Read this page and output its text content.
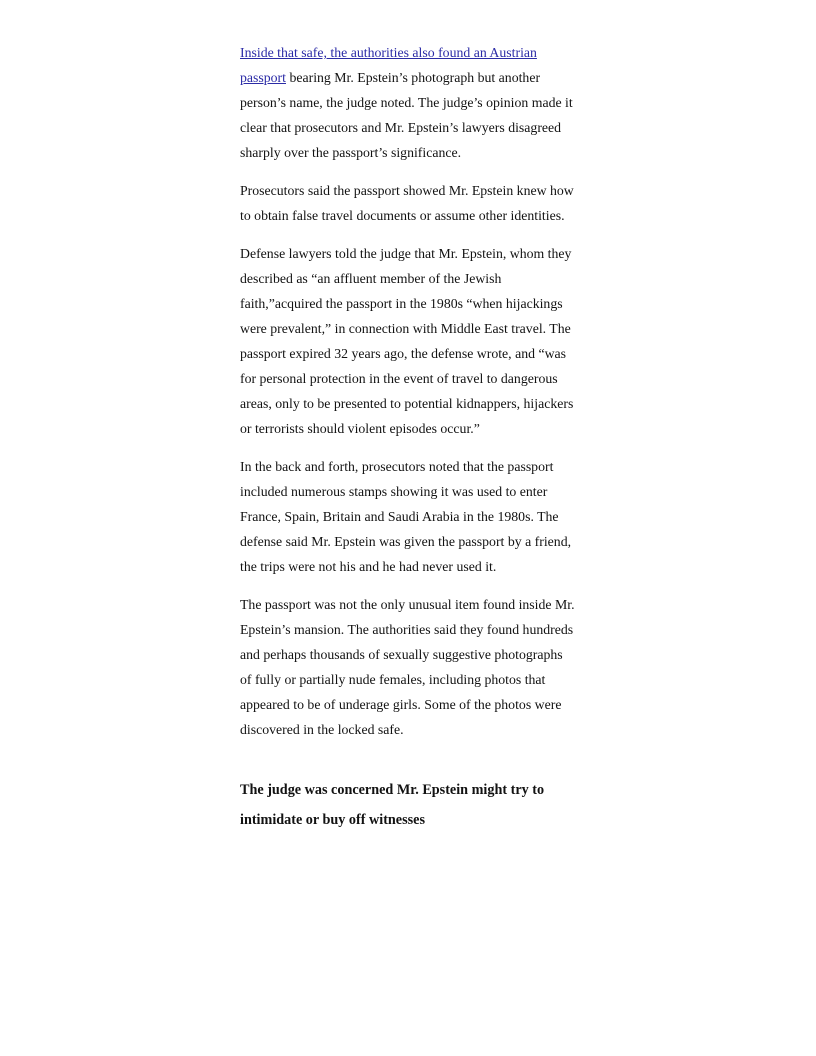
Inside that safe, the authorities also found an Austrian passport bearing Mr. Epstein’s photograph but another person’s name, the judge noted. The judge’s opinion made it clear that prosecutors and Mr. Epstein’s lawyers disagreed sharply over the passport’s significance.

Prosecutors said the passport showed Mr. Epstein knew how to obtain false travel documents or assume other identities.

Defense lawyers told the judge that Mr. Epstein, whom they described as “an affluent member of the Jewish faith,”acquired the passport in the 1980s “when hijackings were prevalent,” in connection with Middle East travel. The passport expired 32 years ago, the defense wrote, and “was for personal protection in the event of travel to dangerous areas, only to be presented to potential kidnappers, hijackers or terrorists should violent episodes occur.”

In the back and forth, prosecutors noted that the passport included numerous stamps showing it was used to enter France, Spain, Britain and Saudi Arabia in the 1980s. The defense said Mr. Epstein was given the passport by a friend, the trips were not his and he had never used it.

The passport was not the only unusual item found inside Mr. Epstein’s mansion. The authorities said they found hundreds and perhaps thousands of sexually suggestive photographs of fully or partially nude females, including photos that appeared to be of underage girls. Some of the photos were discovered in the locked safe.

The judge was concerned Mr. Epstein might try to intimidate or buy off witnesses
